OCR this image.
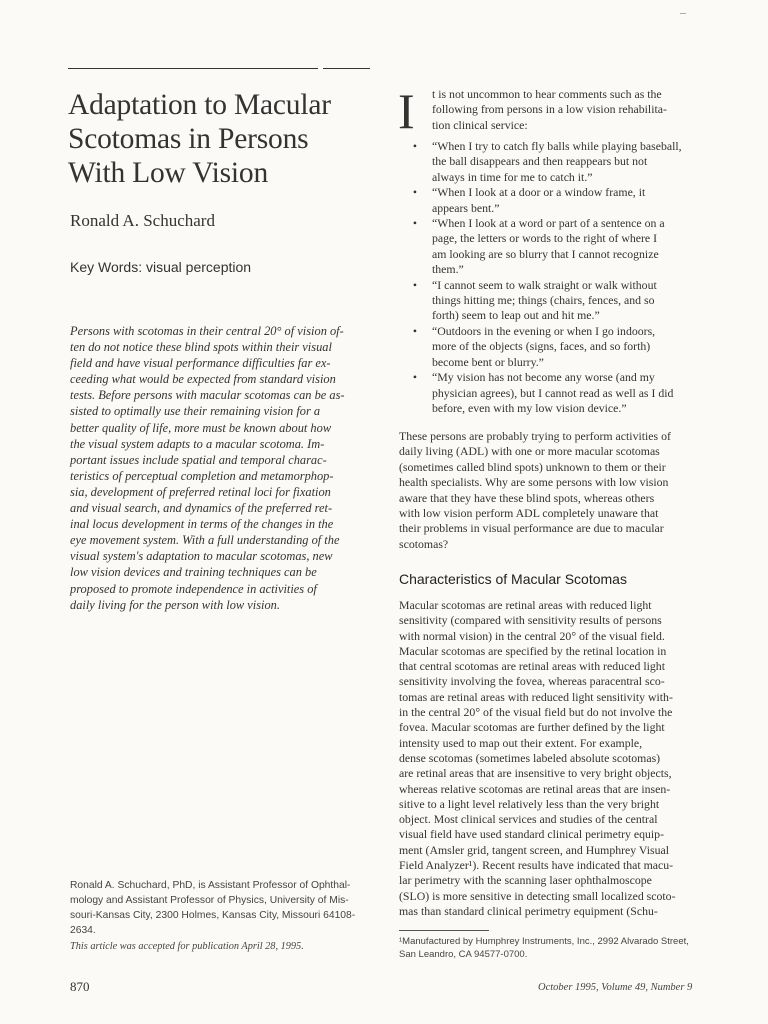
–
Adaptation to Macular
Scotomas in Persons
With Low Vision
Ronald A. Schuchard
Key Words: visual perception
Persons with scotomas in their central 20° of vision of-
ten do not notice these blind spots within their visual
field and have visual performance difficulties far ex-
ceeding what would be expected from standard vision
tests. Before persons with macular scotomas can be as-
sisted to optimally use their remaining vision for a
better quality of life, more must be known about how
the visual system adapts to a macular scotoma. Im-
portant issues include spatial and temporal charac-
teristics of perceptual completion and metamorphop-
sia, development of preferred retinal loci for fixation
and visual search, and dynamics of the preferred ret-
inal locus development in terms of the changes in the
eye movement system. With a full understanding of the
visual system's adaptation to macular scotomas, new
low vision devices and training techniques can be
proposed to promote independence in activities of
daily living for the person with low vision.
Ronald A. Schuchard, PhD, is Assistant Professor of Ophthal-
mology and Assistant Professor of Physics, University of Mis-
souri-Kansas City, 2300 Holmes, Kansas City, Missouri 64108-
2634.
This article was accepted for publication April 28, 1995.
870	October 1995, Volume 49, Number 9
I t is not uncommon to hear comments such as the
following from persons in a low vision rehabilita-
tion clinical service:
•	“When I try to catch fly balls while playing baseball,
the ball disappears and then reappears but not
always in time for me to catch it.”
•	“When I look at a door or a window frame, it
appears bent.”
•	“When I look at a word or part of a sentence on a
page, the letters or words to the right of where I
am looking are so blurry that I cannot recognize
them.”
•	“I cannot seem to walk straight or walk without
things hitting me; things (chairs, fences, and so
forth) seem to leap out and hit me.”
•	“Outdoors in the evening or when I go indoors,
more of the objects (signs, faces, and so forth)
become bent or blurry.”
•	“My vision has not become any worse (and my
physician agrees), but I cannot read as well as I did
before, even with my low vision device.”
These persons are probably trying to perform activities of
daily living (ADL) with one or more macular scotomas
(sometimes called blind spots) unknown to them or their
health specialists. Why are some persons with low vision
aware that they have these blind spots, whereas others
with low vision perform ADL completely unaware that
their problems in visual performance are due to macular
scotomas?
Characteristics of Macular Scotomas
Macular scotomas are retinal areas with reduced light
sensitivity (compared with sensitivity results of persons
with normal vision) in the central 20° of the visual field.
Macular scotomas are specified by the retinal location in
that central scotomas are retinal areas with reduced light
sensitivity involving the fovea, whereas paracentral sco-
tomas are retinal areas with reduced light sensitivity with-
in the central 20° of the visual field but do not involve the
fovea. Macular scotomas are further defined by the light
intensity used to map out their extent. For example,
dense scotomas (sometimes labeled absolute scotomas)
are retinal areas that are insensitive to very bright objects,
whereas relative scotomas are retinal areas that are insen-
sitive to a light level relatively less than the very bright
object. Most clinical services and studies of the central
visual field have used standard clinical perimetry equip-
ment (Amsler grid, tangent screen, and Humphrey Visual
Field Analyzer¹). Recent results have indicated that macu-
lar perimetry with the scanning laser ophthalmoscope
(SLO) is more sensitive in detecting small localized scoto-
mas than standard clinical perimetry equipment (Schu-
¹Manufactured by Humphrey Instruments, Inc., 2992 Alvarado Street,
San Leandro, CA 94577-0700.
